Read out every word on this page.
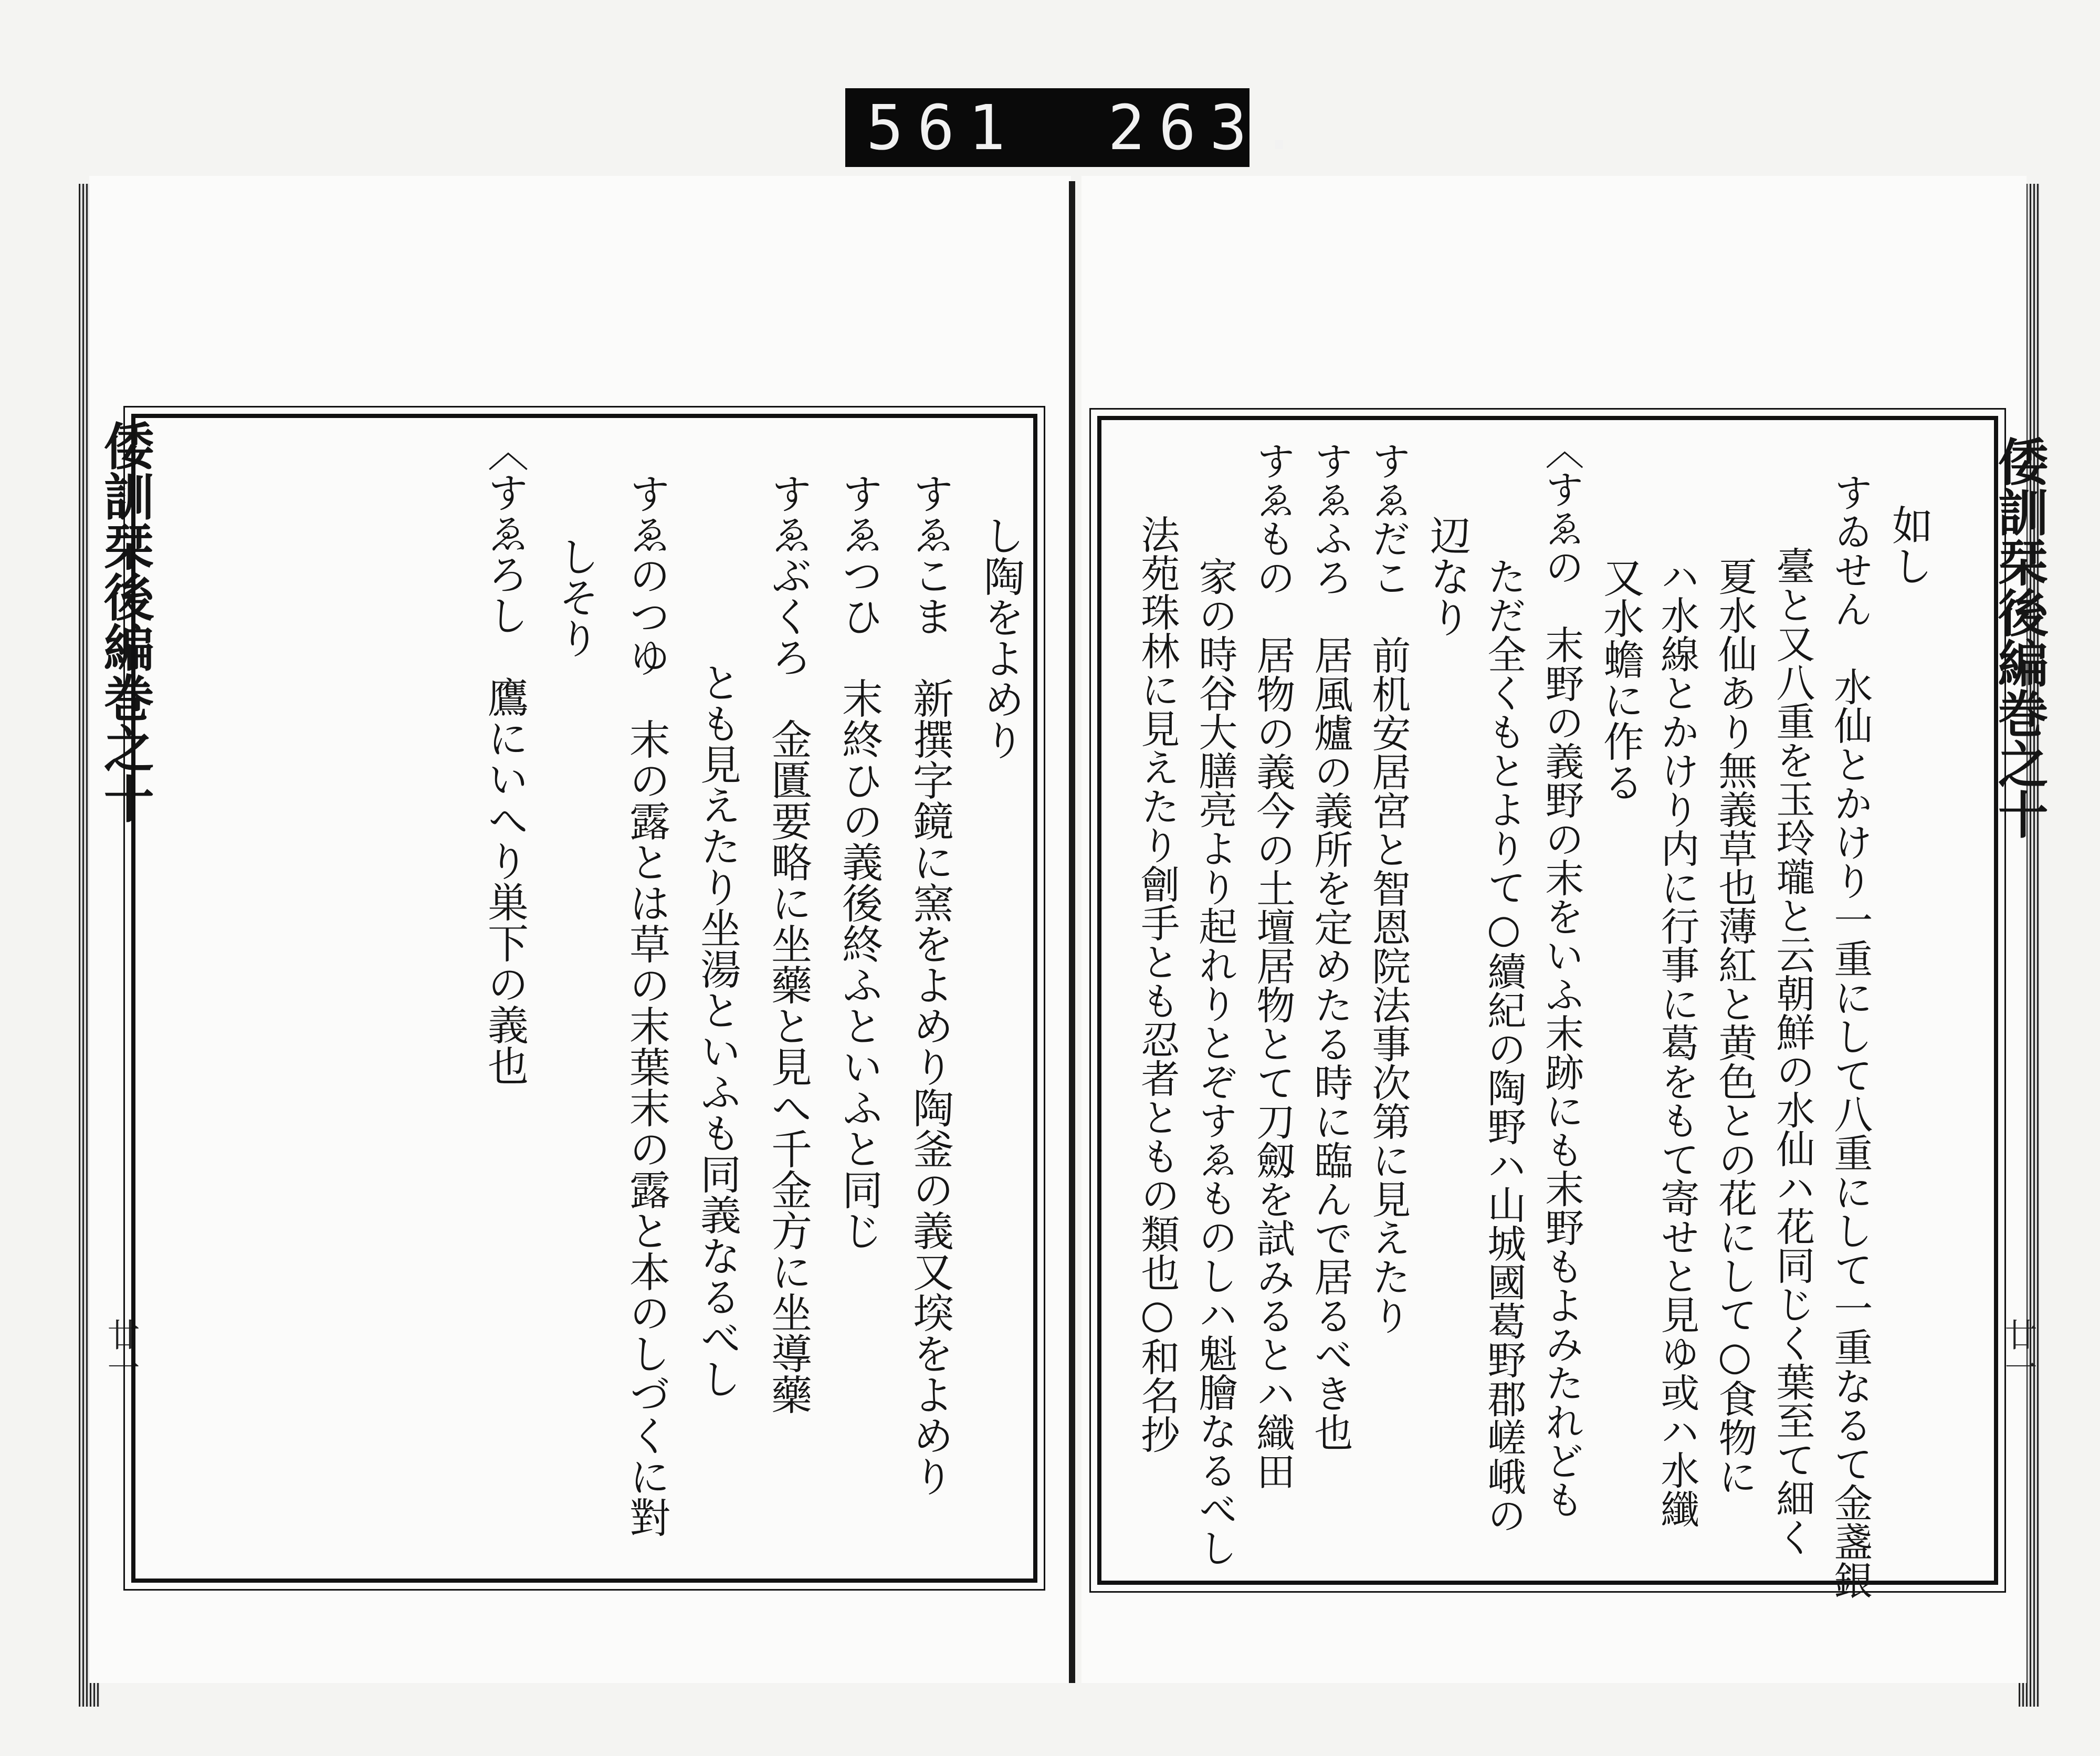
561 263.
倭訓栞後編巻之十
廿一
倭訓栞後編巻之十
廿一
し陶をよめり
すゑこま　新撰字鏡に窯をよめり陶釜の義又堗をよめり
すゑつひ　末終ひの義後終ふといふと同じ
すゑぶくろ　金匱要略に坐藥と見へ千金方に坐導藥
とも見えたり坐湯といふも同義なるべし
すゑのつゆ　末の露とは草の末葉末の露と本のしづくに對
しそり
〈すゑろし　鷹にいへり巣下の義也	如し
すゐせん　水仙とかけり一重にして八重にして一重なるて金盞銀
臺と又八重を玉玲瓏と云朝鮮の水仙ハ花同じく葉至て細く
夏水仙あり無義草也薄紅と黄色との花にして○食物に
ハ水線とかけり内に行事に葛をもて寄せと見ゆ或ハ水纖
又水蟾に作る
〈すゑの　末野の義野の末をいふ末跡にも末野もよみたれども
ただ全くもとよりて○續紀の陶野ハ山城國葛野郡嵯峨の
辺なり
すゑだこ　前机安居宮と智恩院法事次第に見えたり
すゑふろ　居風爐の義所を定めたる時に臨んで居るべき也
すゑもの　居物の義今の土壇居物とて刀劔を試みるとハ織田
家の時谷大膳亮より起れりとぞすゑものしハ魁膾なるべし
法苑珠林に見えたり劊手とも忍者ともの類也○和名抄
